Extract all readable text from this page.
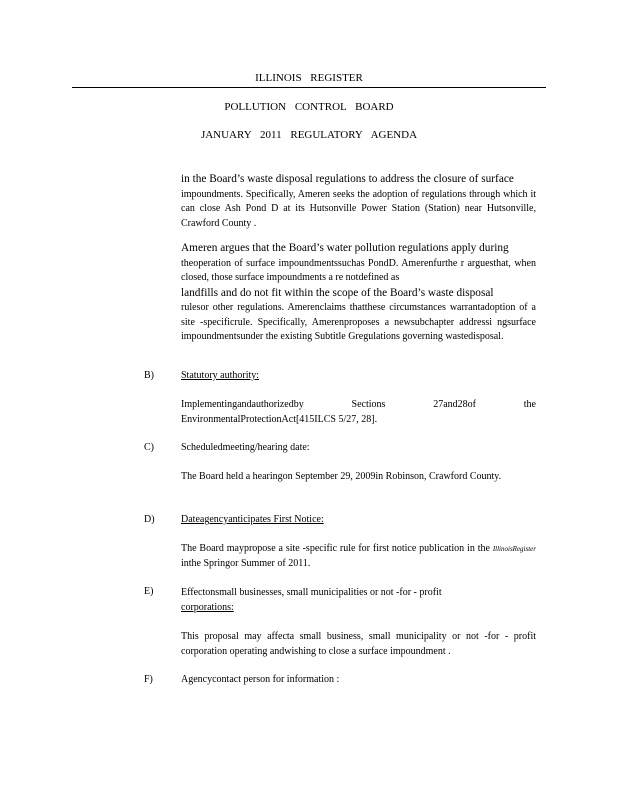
ILLINOIS REGISTER
POLLUTION CONTROL BOARD
JANUARY 2011 REGULATORY AGENDA
in the Board’s waste disposal regulations to address the closure of surface
impoundments. Specifically, Ameren seeks the adoption of regulations through which it can close Ash Pond D at its Hutsonville Power Station (Station) near Hutsonville, Crawford County .
Ameren argues that the Board’s water pollution regulations apply during
theoperation of surface impoundmentssuchas PondD. Amerenfurthe r arguesthat, when closed, those surface impoundments a re notdefined as
landfills and do not fit within the scope of the Board’s waste disposal
rulesor other regulations. Amerenclaims thatthese circumstances warrantadoption of a site -specificrule. Specifically, Amerenproposes a newsubchapter addressi ngsurface impoundmentsunder the existing Subtitle Gregulations governing wastedisposal.
B)	Statutory authority:
Implementingandauthorizedby Sections 27and28of the EnvironmentalProtectionAct[415ILCS 5/27, 28].
C)	Scheduledmeeting/hearing date:
The Board held a hearingon September 29, 2009in Robinson, Crawford County.
D)	Dateagencyanticipates First Notice:
The Board maypropose a site -specific rule for first notice publication in the IllinoisRegister inthe Springor Summer of 2011.
E)	Effectonsmall businesses, small municipalities or not -for - profit
corporations:
This proposal may affecta small business, small municipality or not -for - profit corporation operating andwishing to close a surface impoundment .
F)	Agencycontact person for information :
